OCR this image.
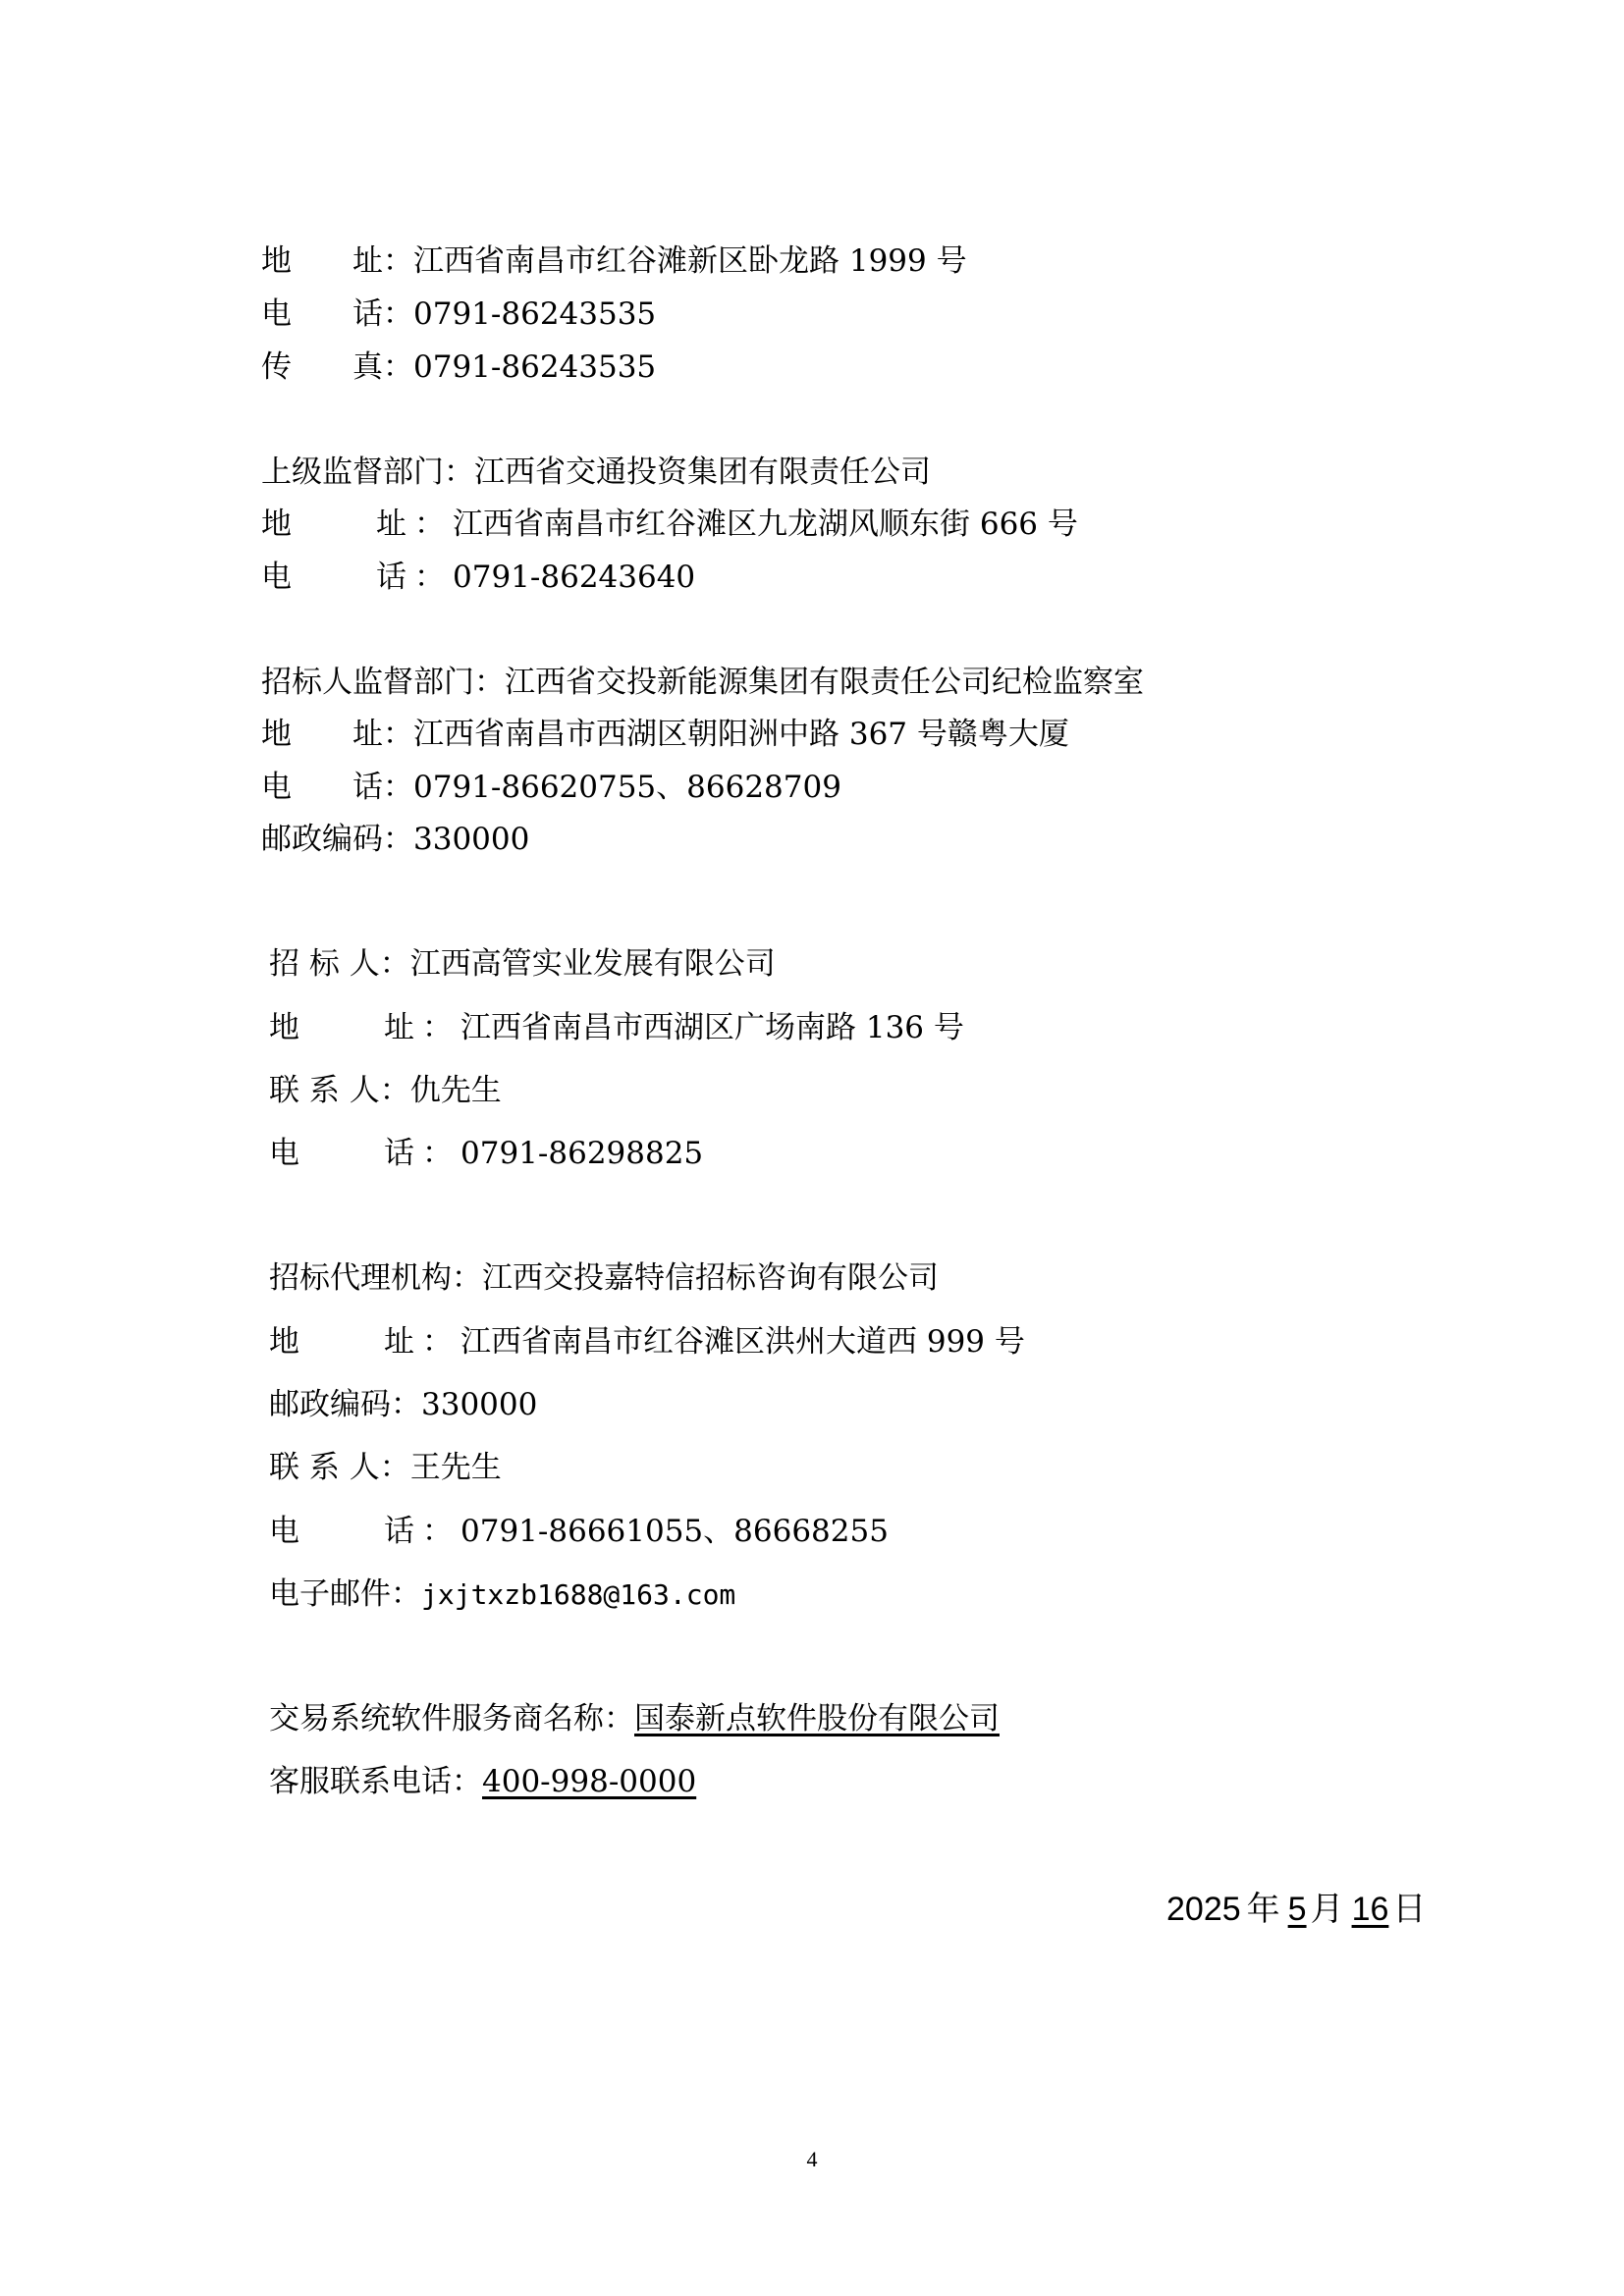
地　　址：江西省南昌市红谷滩新区卧龙路 1999 号
电　　话：0791-86243535
传　　真：0791-86243535
上级监督部门：江西省交通投资集团有限责任公司
地　　址：江西省南昌市红谷滩区九龙湖风顺东街 666 号
电　　话：0791-86243640
招标人监督部门：江西省交投新能源集团有限责任公司纪检监察室
地　　址：江西省南昌市西湖区朝阳洲中路 367 号赣粤大厦
电　　话：0791-86620755、86628709
邮政编码：330000
招 标 人：江西高管实业发展有限公司
地　　址：江西省南昌市西湖区广场南路 136 号
联 系 人：仇先生
电　　话：0791-86298825
招标代理机构：江西交投嘉特信招标咨询有限公司
地　　址：江西省南昌市红谷滩区洪州大道西 999 号
邮政编码：330000
联 系 人：王先生
电　　话：0791-86661055、86668255
电子邮件：jxjtxzb1688@163.com
交易系统软件服务商名称：国泰新点软件股份有限公司
客服联系电话：400-998-0000
2025 年 5 月 16 日
4
